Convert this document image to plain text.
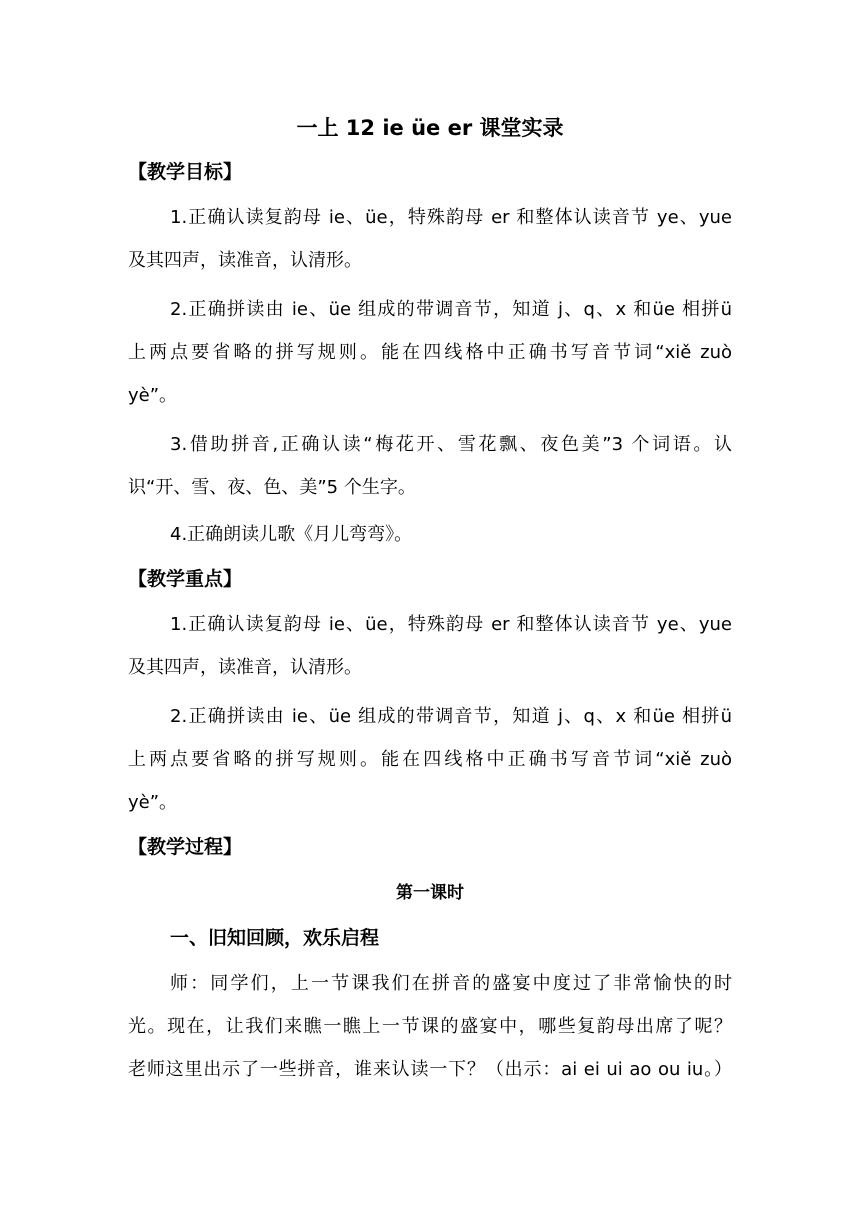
一上 12 ie üe er 课堂实录
【教学目标】
1.正确认读复韵母 ie、üe，特殊韵母 er 和整体认读音节 ye、yue
及其四声，读准音，认清形。
2.正确拼读由 ie、üe 组成的带调音节，知道 j、q、x 和üe 相拼ü
上两点要省略的拼写规则。能在四线格中正确书写音节词“xiě zuò
yè”。
3.借助拼音,正确认读“梅花开、雪花飘、夜色美”3 个词语。认
识“开、雪、夜、色、美”5 个生字。
4.正确朗读儿歌《月儿弯弯》。
【教学重点】
1.正确认读复韵母 ie、üe，特殊韵母 er 和整体认读音节 ye、yue
及其四声，读准音，认清形。
2.正确拼读由 ie、üe 组成的带调音节，知道 j、q、x 和üe 相拼ü
上两点要省略的拼写规则。能在四线格中正确书写音节词“xiě zuò
yè”。
【教学过程】
第一课时
一、旧知回顾，欢乐启程
师：同学们，上一节课我们在拼音的盛宴中度过了非常愉快的时
光。现在，让我们来瞧一瞧上一节课的盛宴中，哪些复韵母出席了呢？
老师这里出示了一些拼音，谁来认读一下？（出示：ai ei ui ao ou iu。）
